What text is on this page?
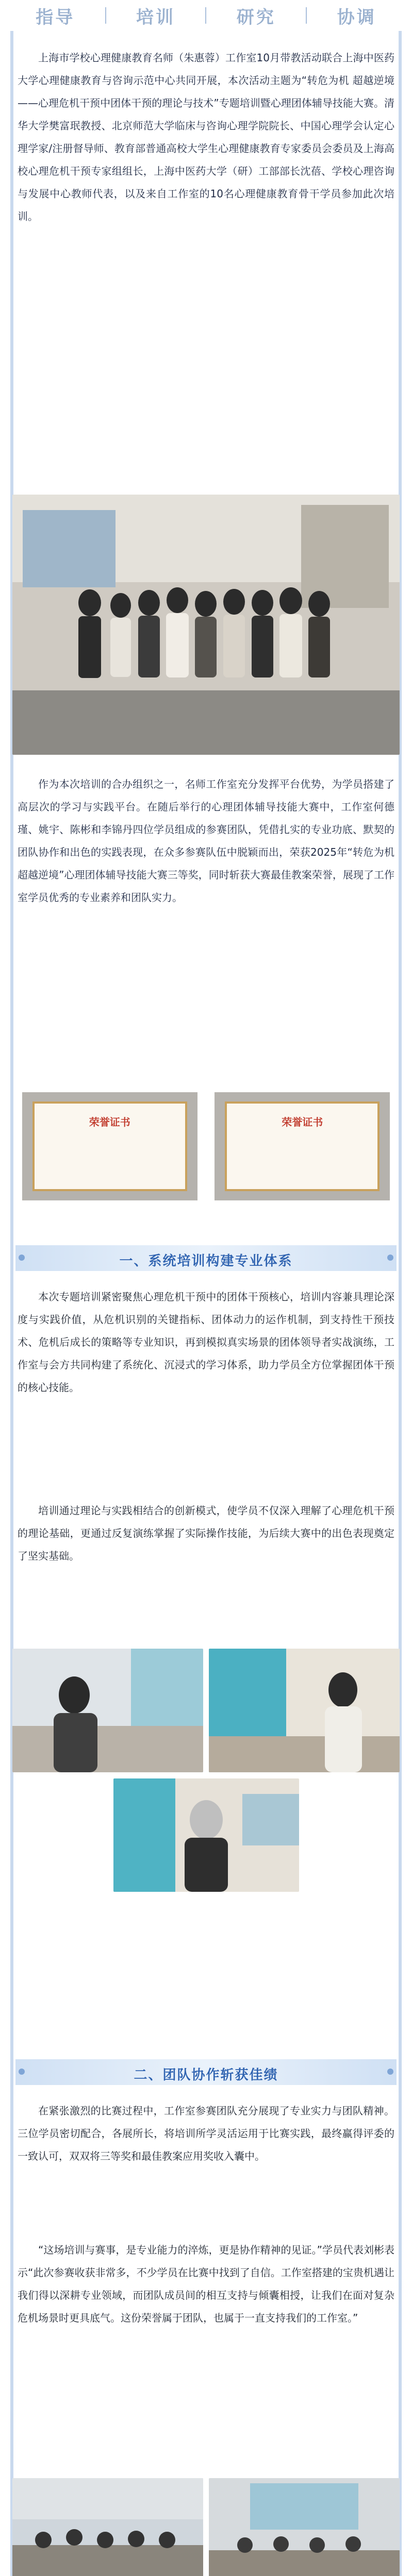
指导	培训	研究	协调

上海市学校心理健康教育名师（朱惠蓉）工作室10月带教活动联合上海中医药大学心理健康教育与咨询示范中心共同开展，本次活动主题为“转危为机 超越逆境——心理危机干预中团体干预的理论与技术”专题培训暨心理团体辅导技能大赛。清华大学樊富珉教授、北京师范大学临床与咨询心理学院院长、中国心理学会认定心理学家/注册督导师、教育部普通高校大学生心理健康教育专家委员会委员及上海高校心理危机干预专家组组长，上海中医药大学（研）工部部长沈蓓、学校心理咨询与发展中心教师代表，以及来自工作室的10名心理健康教育骨干学员参加此次培训。

作为本次培训的合办组织之一，名师工作室充分发挥平台优势，为学员搭建了高层次的学习与实践平台。在随后举行的心理团体辅导技能大赛中，工作室何德瑾、姚宇、陈彬和李锦丹四位学员组成的参赛团队，凭借扎实的专业功底、默契的团队协作和出色的实践表现，在众多参赛队伍中脱颖而出，荣获2025年“转危为机 超越逆境”心理团体辅导技能大赛三等奖，同时斩获大赛最佳教案荣誉，展现了工作室学员优秀的专业素养和团队实力。

荣誉证书	荣誉证书
一、系统培训构建专业体系

本次专题培训紧密聚焦心理危机干预中的团体干预核心，培训内容兼具理论深度与实践价值，从危机识别的关键指标、团体动力的运作机制，到支持性干预技术、危机后成长的策略等专业知识，再到模拟真实场景的团体领导者实战演练，工作室与会方共同构建了系统化、沉浸式的学习体系，助力学员全方位掌握团体干预的核心技能。

培训通过理论与实践相结合的创新模式，使学员不仅深入理解了心理危机干预的理论基础，更通过反复演练掌握了实际操作技能，为后续大赛中的出色表现奠定了坚实基础。

二、团队协作斩获佳绩

在紧张激烈的比赛过程中，工作室参赛团队充分展现了专业实力与团队精神。三位学员密切配合，各展所长，将培训所学灵活运用于比赛实践，最终赢得评委的一致认可，双双将三等奖和最佳教案应用奖收入囊中。

“这场培训与赛事，是专业能力的淬炼，更是协作精神的见证。”学员代表刘彬表示“此次参赛收获非常多，不少学员在比赛中找到了自信。工作室搭建的宝贵机遇让我们得以深耕专业领域，而团队成员间的相互支持与倾囊相授，让我们在面对复杂危机场景时更具底气。这份荣誉属于团队，也属于一直支持我们的工作室。”
